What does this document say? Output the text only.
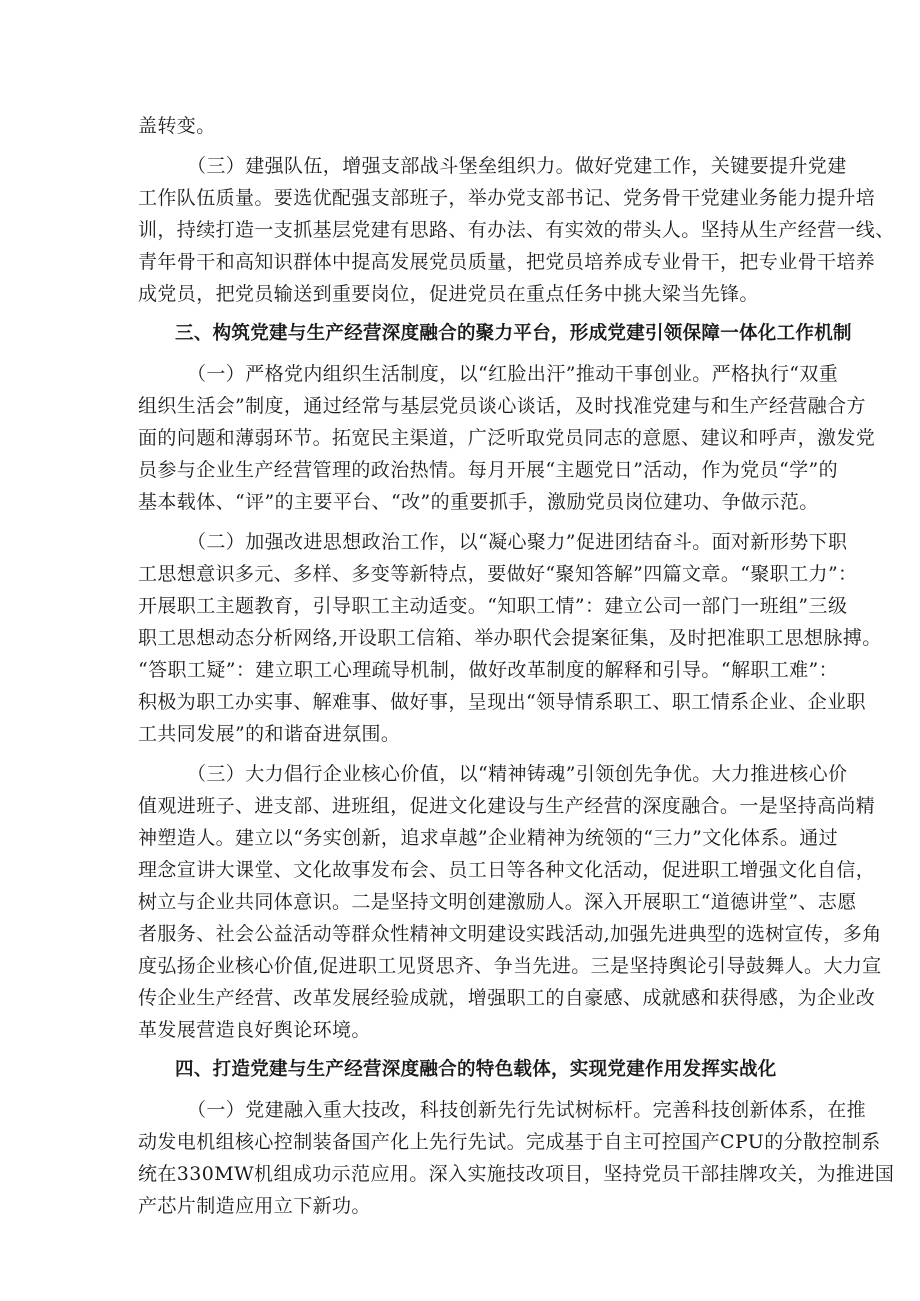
盖转变。
（三）建强队伍，增强支部战斗堡垒组织力。做好党建工作，关键要提升党建
工作队伍质量。要选优配强支部班子，举办党支部书记、党务骨干党建业务能力提升培
训，持续打造一支抓基层党建有思路、有办法、有实效的带头人。坚持从生产经营一线、
青年骨干和高知识群体中提高发展党员质量，把党员培养成专业骨干，把专业骨干培养
成党员，把党员输送到重要岗位，促进党员在重点任务中挑大梁当先锋。
三、构筑党建与生产经营深度融合的聚力平台，形成党建引领保障一体化工作机制
（一）严格党内组织生活制度，以“红脸出汗”推动干事创业。严格执行“双重
组织生活会”制度，通过经常与基层党员谈心谈话，及时找准党建与和生产经营融合方
面的问题和薄弱环节。拓宽民主渠道，广泛听取党员同志的意愿、建议和呼声，激发党
员参与企业生产经营管理的政治热情。每月开展“主题党日”活动，作为党员“学”的
基本载体、“评”的主要平台、“改”的重要抓手，激励党员岗位建功、争做示范。
（二）加强改进思想政治工作，以“凝心聚力”促进团结奋斗。面对新形势下职
工思想意识多元、多样、多变等新特点，要做好“聚知答解”四篇文章。“聚职工力”：
开展职工主题教育，引导职工主动适变。“知职工情”：建立公司一部门一班组”三级
职工思想动态分析网络,开设职工信箱、举办职代会提案征集，及时把准职工思想脉搏。
“答职工疑”：建立职工心理疏导机制，做好改革制度的解释和引导。“解职工难”：
积极为职工办实事、解难事、做好事，呈现出“领导情系职工、职工情系企业、企业职
工共同发展”的和谐奋进氛围。
（三）大力倡行企业核心价值，以“精神铸魂”引领创先争优。大力推进核心价
值观进班子、进支部、进班组，促进文化建设与生产经营的深度融合。一是坚持高尚精
神塑造人。建立以“务实创新，追求卓越”企业精神为统领的“三力”文化体系。通过
理念宣讲大课堂、文化故事发布会、员工日等各种文化活动，促进职工增强文化自信，
树立与企业共同体意识。二是坚持文明创建激励人。深入开展职工“道德讲堂”、志愿
者服务、社会公益活动等群众性精神文明建设实践活动,加强先进典型的选树宣传，多角
度弘扬企业核心价值,促进职工见贤思齐、争当先进。三是坚持舆论引导鼓舞人。大力宣
传企业生产经营、改革发展经验成就，增强职工的自豪感、成就感和获得感，为企业改
革发展营造良好舆论环境。
四、打造党建与生产经营深度融合的特色载体，实现党建作用发挥实战化
（一）党建融入重大技改，科技创新先行先试树标杆。完善科技创新体系，在推
动发电机组核心控制装备国产化上先行先试。完成基于自主可控国产CPU的分散控制系
统在330MW机组成功示范应用。深入实施技改项目，坚持党员干部挂牌攻关，为推进国
产芯片制造应用立下新功。
